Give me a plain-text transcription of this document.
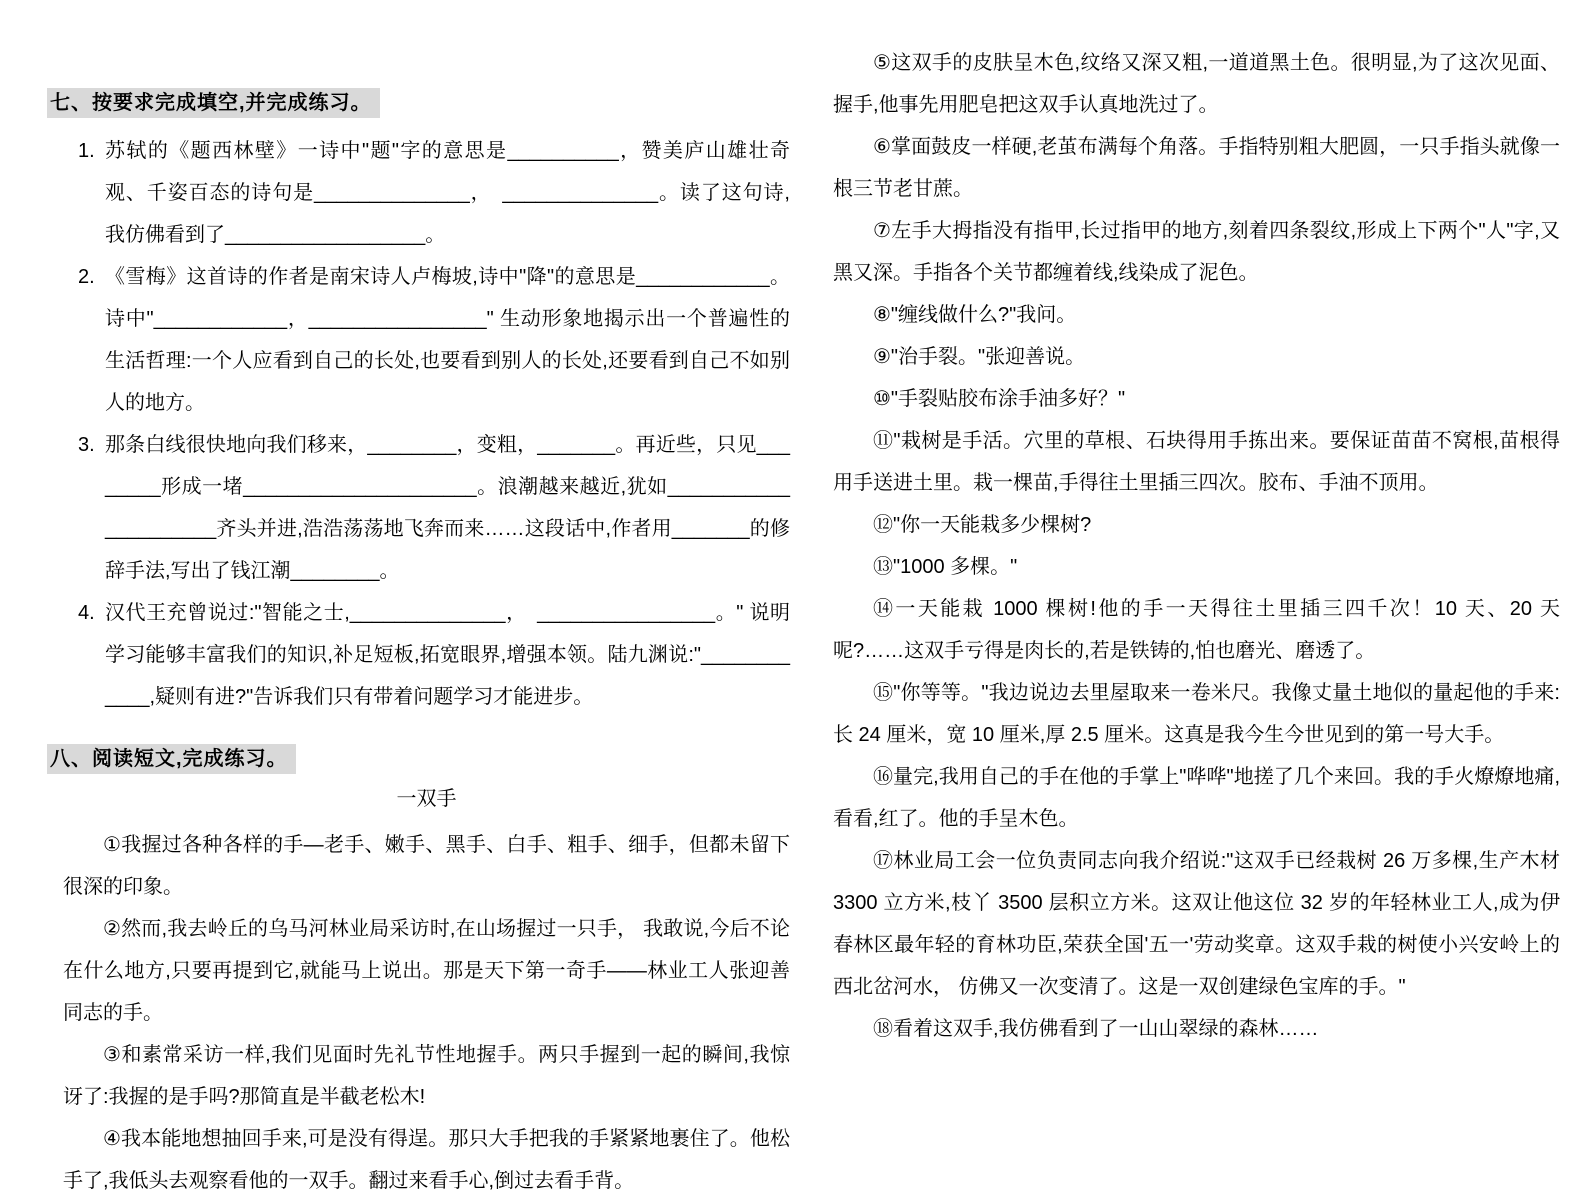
七、按要求完成填空,并完成练习。
1. 苏轼的《题西林壁》一诗中"题"字的意思是__________，赞美庐山雄壮奇观、千姿百态的诗句是______________，　______________。读了这句诗,我仿佛看到了__________________。
2. 《雪梅》这首诗的作者是南宋诗人卢梅坡,诗中"降"的意思是____________。诗中"____________，________________" 生动形象地揭示出一个普遍性的生活哲理:一个人应看到自己的长处,也要看到别人的长处,还要看到自己不如别人的地方。
3. 那条白线很快地向我们移来，________，变粗，_______。再近些，只见________形成一堵_____________________。浪潮越来越近,犹如_____________________齐头并进,浩浩荡荡地飞奔而来……这段话中,作者用_______的修辞手法,写出了钱江潮________。
4. 汉代王充曾说过:"智能之士,______________，　________________。" 说明学习能够丰富我们的知识,补足短板,拓宽眼界,增强本领。陆九渊说:"____________,疑则有进?"告诉我们只有带着问题学习才能进步。
八、阅读短文,完成练习。
一双手

①我握过各种各样的手—老手、嫩手、黑手、白手、粗手、细手，但都未留下很深的印象。

②然而,我去岭丘的乌马河林业局采访时,在山场握过一只手， 我敢说,今后不论在什么地方,只要再提到它,就能马上说出。那是天下第一奇手——林业工人张迎善同志的手。

③和素常采访一样,我们见面时先礼节性地握手。两只手握到一起的瞬间,我惊讶了:我握的是手吗?那简直是半截老松木!

④我本能地想抽回手来,可是没有得逞。那只大手把我的手紧紧地裹住了。他松手了,我低头去观察看他的一双手。翻过来看手心,倒过去看手背。

⑤这双手的皮肤呈木色,纹络又深又粗,一道道黑土色。很明显,为了这次见面、握手,他事先用肥皂把这双手认真地洗过了。

⑥掌面鼓皮一样硬,老茧布满每个角落。手指特别粗大肥圆，一只手指头就像一根三节老甘蔗。

⑦左手大拇指没有指甲,长过指甲的地方,刻着四条裂纹,形成上下两个"人"字,又黑又深。手指各个关节都缠着线,线染成了泥色。

⑧"缠线做什么?"我问。

⑨"治手裂。"张迎善说。

⑩"手裂贴胶布涂手油多好？"

⑪"栽树是手活。穴里的草根、石块得用手拣出来。要保证苗苗不窝根,苗根得用手送进土里。栽一棵苗,手得往土里插三四次。胶布、手油不顶用。

⑫"你一天能栽多少棵树?

⑬"1000 多棵。"

⑭一天能栽 1000 棵树!他的手一天得往土里插三四千次！10 天、20 天呢?……这双手亏得是肉长的,若是铁铸的,怕也磨光、磨透了。

⑮"你等等。"我边说边去里屋取来一卷米尺。我像丈量土地似的量起他的手来:长 24 厘米，宽 10 厘米,厚 2.5 厘米。这真是我今生今世见到的第一号大手。

⑯量完,我用自己的手在他的手掌上"哗哗"地搓了几个来回。我的手火燎燎地痛,看看,红了。他的手呈木色。

⑰林业局工会一位负责同志向我介绍说:"这双手已经栽树 26 万多棵,生产木材 3300 立方米,枝丫 3500 层积立方米。这双让他这位 32 岁的年轻林业工人,成为伊春林区最年轻的育林功臣,荣获全国'五一'劳动奖章。这双手栽的树使小兴安岭上的西北岔河水， 仿佛又一次变清了。这是一双创建绿色宝库的手。"

⑱看着这双手,我仿佛看到了一山山翠绿的森林……
